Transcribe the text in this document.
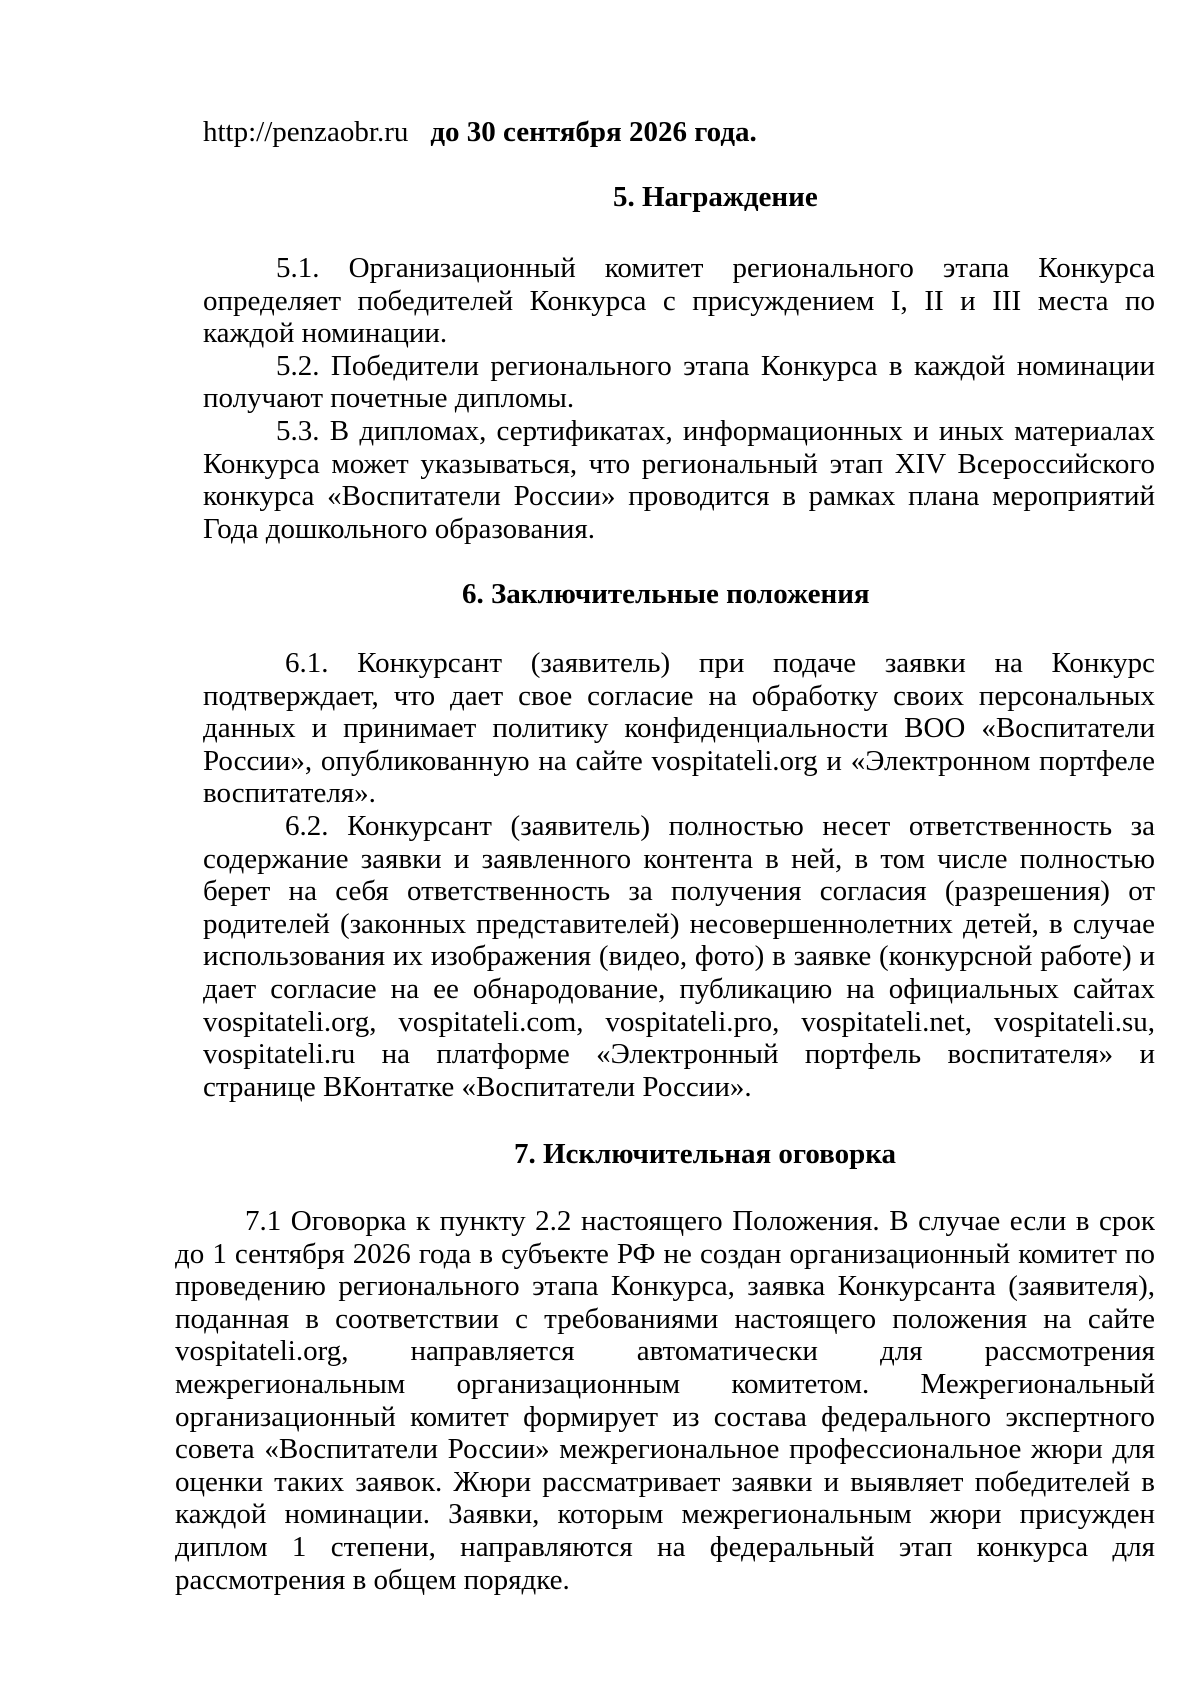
http://penzaobr.ru до 30 сентября 2026 года.
5. Награждение

5.1. Организационный комитет регионального этапа Конкурса определяет победителей Конкурса с присуждением I, II и III места по каждой номинации.

5.2. Победители регионального этапа Конкурса в каждой номинации получают почетные дипломы.

5.3. В дипломах, сертификатах, информационных и иных материалах Конкурса может указываться, что региональный этап XIV Всероссийского конкурса «Воспитатели России» проводится в рамках плана мероприятий Года дошкольного образования.

6. Заключительные положения

6.1. Конкурсант (заявитель) при подаче заявки на Конкурс подтверждает, что дает свое согласие на обработку своих персональных данных и принимает политику конфиденциальности ВОО «Воспитатели России», опубликованную на сайте vospitateli.org и «Электронном портфеле воспитателя».

6.2. Конкурсант (заявитель) полностью несет ответственность за содержание заявки и заявленного контента в ней, в том числе полностью берет на себя ответственность за получения согласия (разрешения) от родителей (законных представителей) несовершеннолетних детей, в случае использования их изображения (видео, фото) в заявке (конкурсной работе) и дает согласие на ее обнародование, публикацию на официальных сайтах vospitateli.org, vospitateli.com, vospitateli.pro, vospitateli.net, vospitateli.su, vospitateli.ru на платформе «Электронный портфель воспитателя» и странице ВКонтатке «Воспитатели России».

7. Исключительная оговорка

7.1 Оговорка к пункту 2.2 настоящего Положения. В случае если в срок до 1 сентября 2026 года в субъекте РФ не создан организационный комитет по проведению регионального этапа Конкурса, заявка Конкурсанта (заявителя), поданная в соответствии с требованиями настоящего положения на сайте vospitateli.org, направляется автоматически для рассмотрения межрегиональным организационным комитетом. Межрегиональный организационный комитет формирует из состава федерального экспертного совета «Воспитатели России» межрегиональное профессиональное жюри для оценки таких заявок. Жюри рассматривает заявки и выявляет победителей в каждой номинации. Заявки, которым межрегиональным жюри присужден диплом 1 степени, направляются на федеральный этап конкурса для рассмотрения в общем порядке.
